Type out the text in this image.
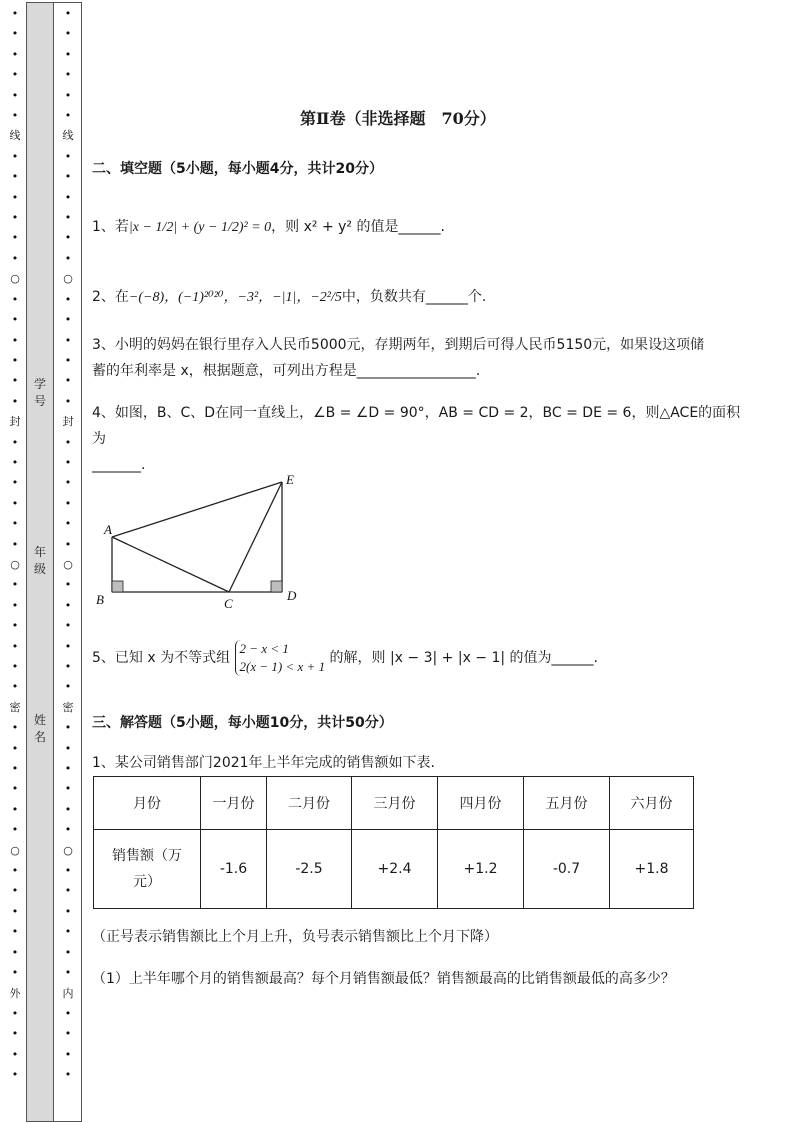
•
•
•
•
•
•
线
•
•
•
•
•
•
○
•
•
•
•
•
•
封
•
•
•
•
•
•
○
•
•
•
•
•
•
密
•
•
•
•
•
•
○
•
•
•
•
•
•
外
•
•
•
•
•
•
•
•
•
•
线
•
•
•
•
•
•
○
•
•
•
•
•
•
封
•
•
•
•
•
•
○
•
•
•
•
•
•
密
•
•
•
•
•
•
○
•
•
•
•
•
•
内
•
•
•
•
学号
年级
姓名
第Ⅱ卷（非选择题　70分）
二、填空题（5小题，每小题4分，共计20分）
1、若|x − 1/2| + (y − 1/2)² = 0，则 x² + y² 的值是______.
2、在−(−8)，(−1)²⁰²⁰，−3²，−|1|，−2²/5中，负数共有______个.
3、小明的妈妈在银行里存入人民币5000元，存期两年，到期后可得人民币5150元，如果设这项储
蓄的年利率是 x，根据题意，可列出方程是_________________.
4、如图，B、C、D在同一直线上，∠B = ∠D = 90°，AB = CD = 2，BC = DE = 6，则△ACE的面积为
_______.
A
B	C
D
E
5、已知 x 为不等式组
2 − x < 1
2(x − 1) < x + 1
的解，则 |x − 3| + |x − 1| 的值为______.
三、解答题（5小题，每小题10分，共计50分）
1、某公司销售部门2021年上半年完成的销售额如下表.
月份	一月份	二月份	三月份	四月份	五月份	六月份

销售额（万
元）	-1.6	-2.5	+2.4	+1.2	-0.7	+1.8
（正号表示销售额比上个月上升，负号表示销售额比上个月下降）
（1）上半年哪个月的销售额最高？每个月销售额最低？销售额最高的比销售额最低的高多少？
